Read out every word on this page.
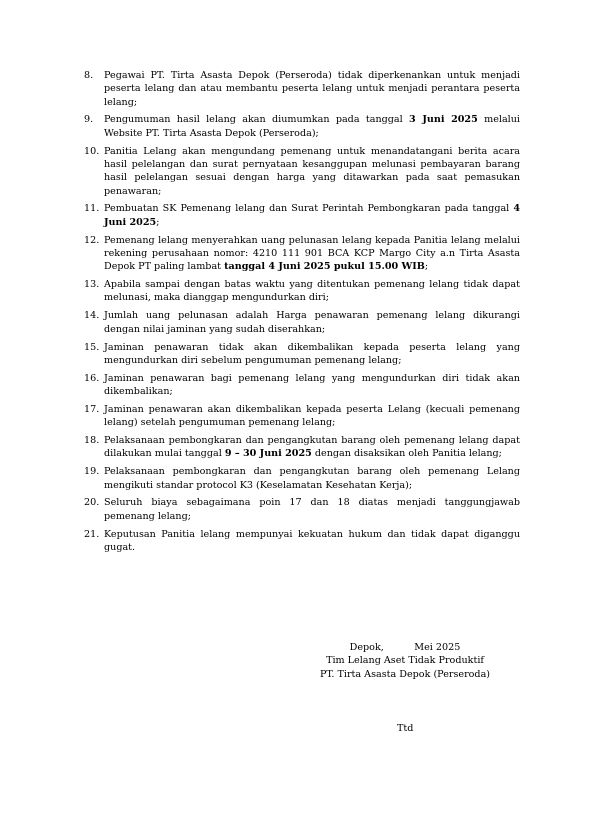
8.	Pegawai PT. Tirta Asasta Depok (Perseroda) tidak diperkenankan untuk menjadi peserta lelang dan atau membantu peserta lelang untuk menjadi perantara peserta lelang;
9.	Pengumuman hasil lelang akan diumumkan pada tanggal 3 Juni 2025 melalui Website PT. Tirta Asasta Depok (Perseroda);
10. Panitia Lelang akan mengundang pemenang untuk menandatangani berita acara hasil pelelangan dan surat pernyataan kesanggupan melunasi pembayaran barang hasil pelelangan sesuai dengan harga yang ditawarkan pada saat pemasukan penawaran;
11. Pembuatan SK Pemenang lelang dan Surat Perintah Pembongkaran pada tanggal 4 Juni 2025;
12. Pemenang lelang menyerahkan uang pelunasan lelang kepada Panitia lelang melalui rekening perusahaan nomor: 4210 111 901 BCA KCP Margo City a.n Tirta Asasta Depok PT paling lambat tanggal 4 Juni 2025 pukul 15.00 WIB;
13. Apabila sampai dengan batas waktu yang ditentukan pemenang lelang tidak dapat melunasi, maka dianggap mengundurkan diri;
14. Jumlah uang pelunasan adalah Harga penawaran pemenang lelang dikurangi dengan nilai jaminan yang sudah diserahkan;
15. Jaminan penawaran tidak akan dikembalikan kepada peserta lelang yang mengundurkan diri sebelum pengumuman pemenang lelang;
16. Jaminan penawaran bagi pemenang lelang yang mengundurkan diri tidak akan dikembalikan;
17. Jaminan penawaran akan dikembalikan kepada peserta Lelang (kecuali pemenang lelang) setelah pengumuman pemenang lelang;
18. Pelaksanaan pembongkaran dan pengangkutan barang oleh pemenang lelang dapat dilakukan mulai tanggal 9 – 30 Juni 2025 dengan disaksikan oleh Panitia lelang;
19. Pelaksanaan pembongkaran dan pengangkutan barang oleh pemenang Lelang mengikuti standar protocol K3 (Keselamatan Kesehatan Kerja);
20. Seluruh biaya sebagaimana poin 17 dan 18 diatas menjadi tanggungjawab pemenang lelang;
21. Keputusan Panitia lelang mempunyai kekuatan hukum dan tidak dapat diganggu gugat.
Depok,          Mei 2025
Tim Lelang Aset Tidak Produktif
PT. Tirta Asasta Depok (Perseroda)
Ttd
